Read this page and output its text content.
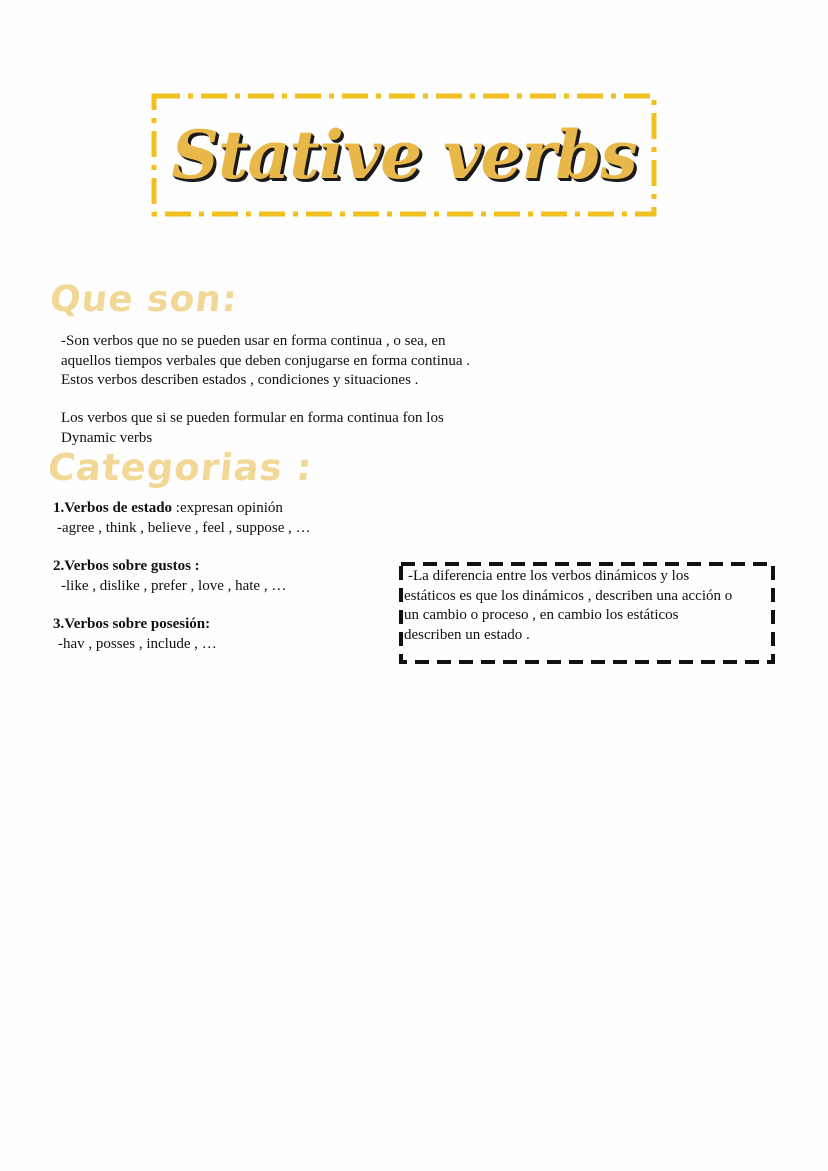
Stative verbs
Que son:
-Son verbos que no se pueden usar en forma continua , o sea, en
aquellos tiempos verbales que deben conjugarse en forma continua .
Estos verbos describen estados , condiciones y situaciones .
Los verbos que si se pueden formular en forma continua fon los
Dynamic verbs
Categorias :
1.Verbos de estado :expresan opinión
-agree , think , believe , feel , suppose , …
2.Verbos sobre gustos :
-like , dislike , prefer , love , hate , …
3.Verbos sobre posesión:
-hav , posses , include , …
-La diferencia entre los verbos dinámicos y los
estáticos es que los dinámicos , describen una acción o
un cambio o proceso , en cambio los estáticos
describen un estado .
